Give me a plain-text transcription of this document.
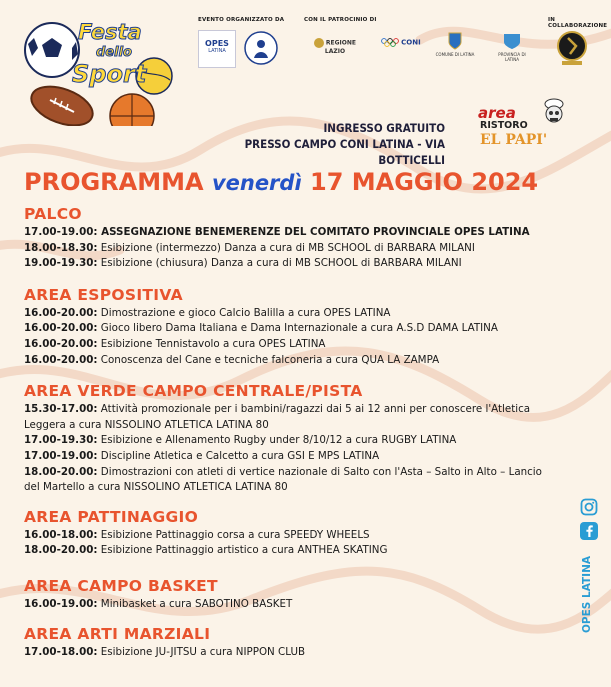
Festa
dello
Sport
EVENTO ORGANIZZATO DA	CON IL PATROCINIO DI	IN COLLABORAZIONE
OPES
LATINA
REGIONE LAZIO
CONI
COMUNE DI LATINA	PROVINCIA DI LATINA
INGRESSO GRATUITO
PRESSO CAMPO CONI LATINA - VIA BOTTICELLI
area
RISTORO
EL PAPI'
PROGRAMMA venerdì 17 MAGGIO 2024
PALCO
17.00-19.00: ASSEGNAZIONE BENEMERENZE DEL COMITATO PROVINCIALE OPES LATINA
18.00-18.30: Esibizione (intermezzo) Danza a cura di MB SCHOOL di BARBARA MILANI
19.00-19.30: Esibizione (chiusura) Danza a cura di MB SCHOOL di BARBARA MILANI
AREA ESPOSITIVA
16.00-20.00: Dimostrazione e gioco Calcio Balilla a cura OPES LATINA
16.00-20.00: Gioco libero Dama Italiana e Dama Internazionale a cura A.S.D DAMA LATINA
16.00-20.00: Esibizione Tennistavolo a cura OPES LATINA
16.00-20.00: Conoscenza del Cane e tecniche falconeria a cura QUA LA ZAMPA
AREA VERDE CAMPO CENTRALE/PISTA
15.30-17.00: Attività promozionale per i bambini/ragazzi dai 5 ai 12 anni per conoscere l'Atletica Leggera a cura NISSOLINO ATLETICA LATINA 80
17.00-19.30: Esibizione e Allenamento Rugby under 8/10/12 a cura RUGBY LATINA
17.00-19.00: Discipline Atletica e Calcetto a cura GSI E MPS LATINA
18.00-20.00: Dimostrazioni con atleti di vertice nazionale di Salto con l'Asta – Salto in Alto – Lancio del Martello a cura NISSOLINO ATLETICA LATINA 80
AREA PATTINAGGIO
16.00-18.00: Esibizione Pattinaggio corsa a cura SPEEDY WHEELS
18.00-20.00: Esibizione Pattinaggio artistico a cura ANTHEA SKATING
AREA CAMPO BASKET
16.00-19.00: Minibasket a cura SABOTINO BASKET
AREA ARTI MARZIALI
17.00-18.00: Esibizione JU-JITSU a cura NIPPON CLUB
OPES LATINA
